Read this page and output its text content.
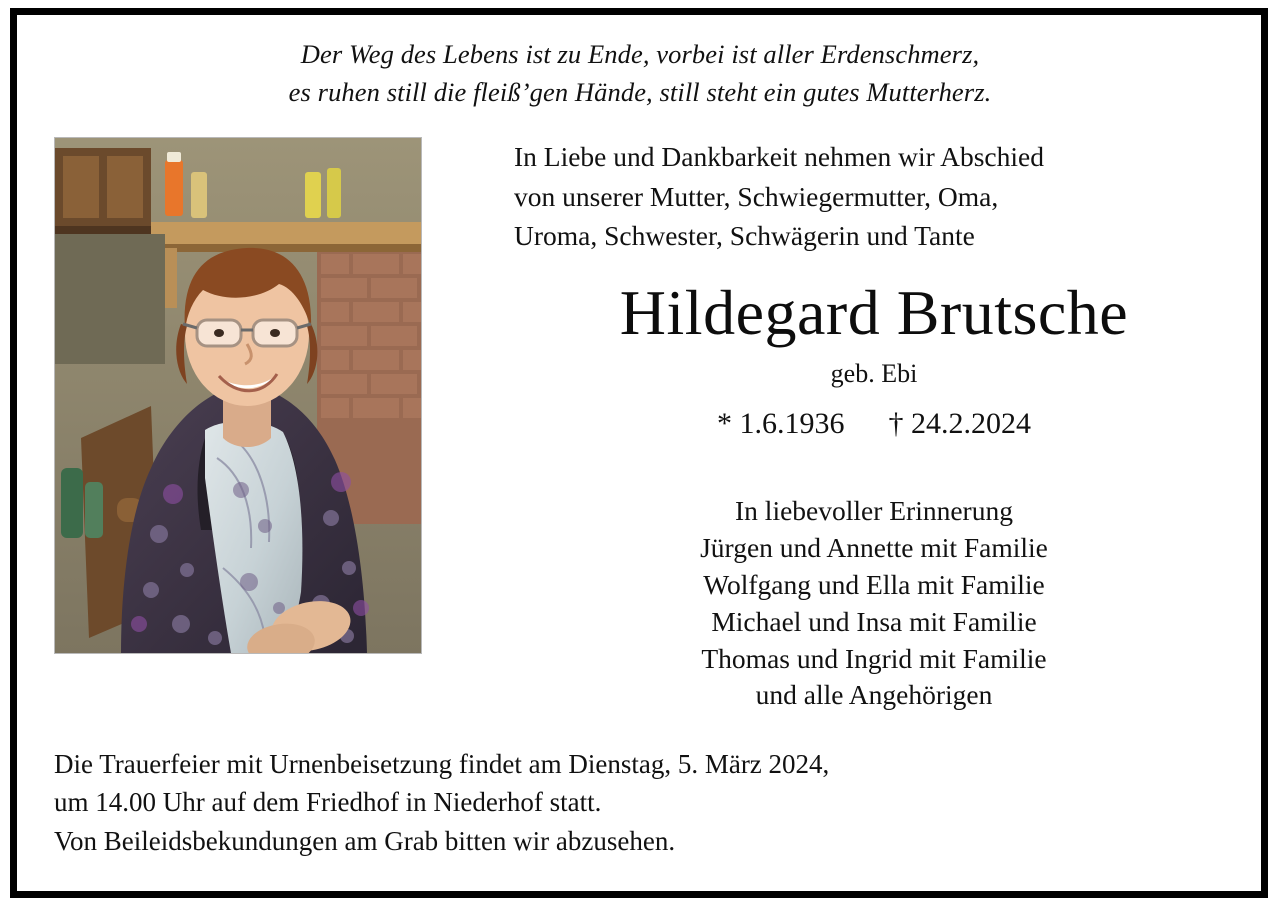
Der Weg des Lebens ist zu Ende, vorbei ist aller Erdenschmerz,
es ruhen still die fleiß’gen Hände, still steht ein gutes Mutterherz.
In Liebe und Dankbarkeit nehmen wir Abschied
von unserer Mutter, Schwiegermutter, Oma,
Uroma, Schwester, Schwägerin und Tante
Hildegard Brutsche
geb. Ebi
* 1.6.1936 † 24.2.2024
In liebevoller Erinnerung
Jürgen und Annette mit Familie
Wolfgang und Ella mit Familie
Michael und Insa mit Familie
Thomas und Ingrid mit Familie
und alle Angehörigen
Die Trauerfeier mit Urnenbeisetzung findet am Dienstag, 5. März 2024,
um 14.00 Uhr auf dem Friedhof in Niederhof statt.
Von Beileidsbekundungen am Grab bitten wir abzusehen.
